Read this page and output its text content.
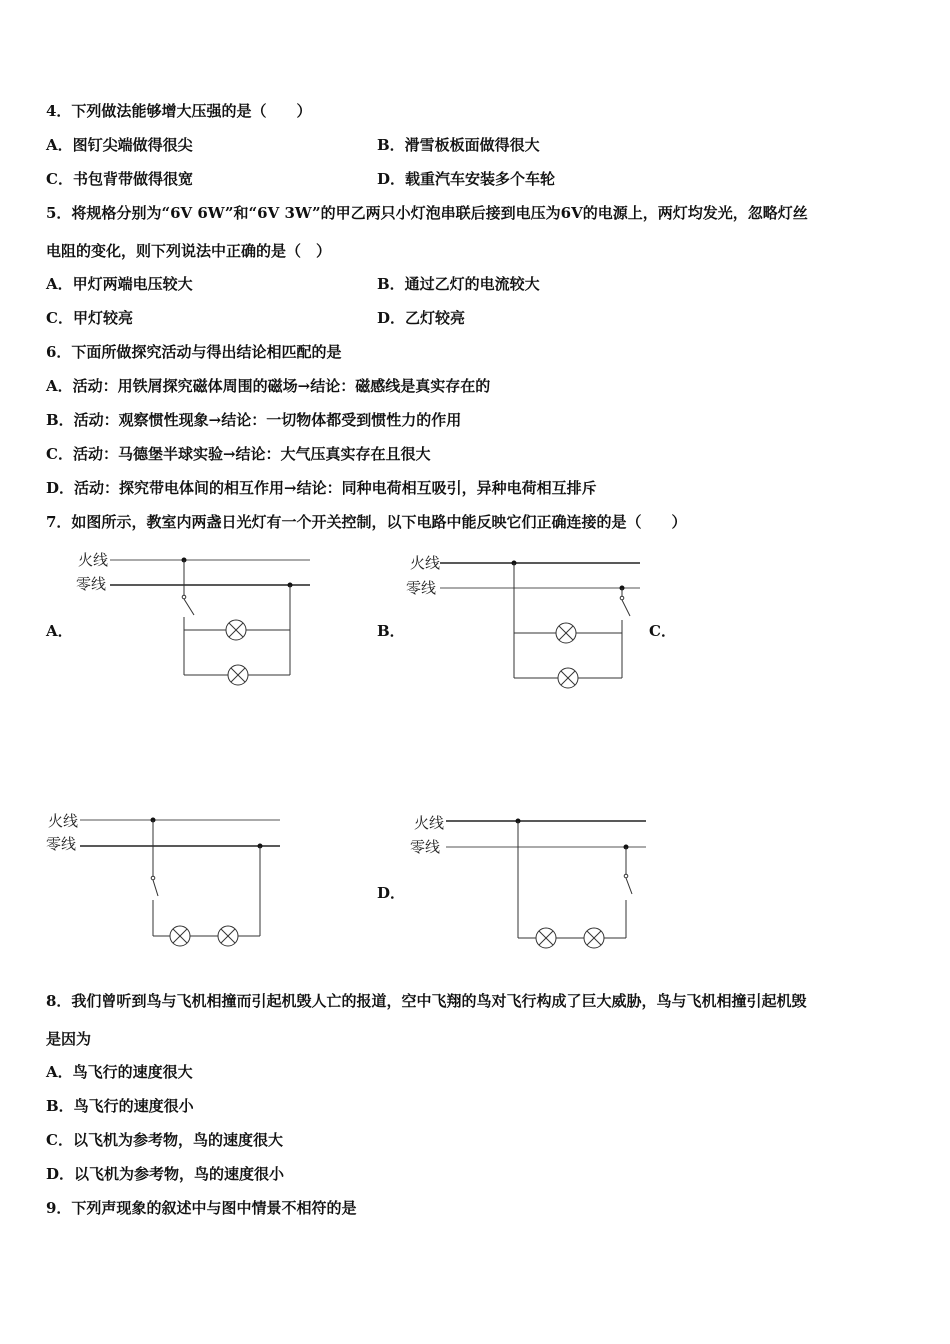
4．下列做法能够增大压强的是（　　）
A．图钉尖端做得很尖	B．滑雪板板面做得很大
C．书包背带做得很宽	D．载重汽车安装多个车轮
5．将规格分别为“6V 6W”和“6V 3W”的甲乙两只小灯泡串联后接到电压为6V的电源上，两灯均发光，忽略灯丝
电阻的变化，则下列说法中正确的是（　）
A．甲灯两端电压较大	B．通过乙灯的电流较大
C．甲灯较亮	D．乙灯较亮
6．下面所做探究活动与得出结论相匹配的是
A．活动：用铁屑探究磁体周围的磁场→结论：磁感线是真实存在的
B．活动：观察惯性现象→结论：一切物体都受到惯性力的作用
C．活动：马德堡半球实验→结论：大气压真实存在且很大
D．活动：探究带电体间的相互作用→结论：同种电荷相互吸引，异种电荷相互排斥
7．如图所示，教室内两盏日光灯有一个开关控制，以下电路中能反映它们正确连接的是（　　）
A．
火线
零线
B．
火线
零线
C．
火线
零线
D．
火线
零线
8．我们曾听到鸟与飞机相撞而引起机毁人亡的报道，空中飞翔的鸟对飞行构成了巨大威胁，鸟与飞机相撞引起机毁
是因为
A．鸟飞行的速度很大
B．鸟飞行的速度很小
C．以飞机为参考物，鸟的速度很大
D．以飞机为参考物，鸟的速度很小
9．下列声现象的叙述中与图中情景不相符的是
